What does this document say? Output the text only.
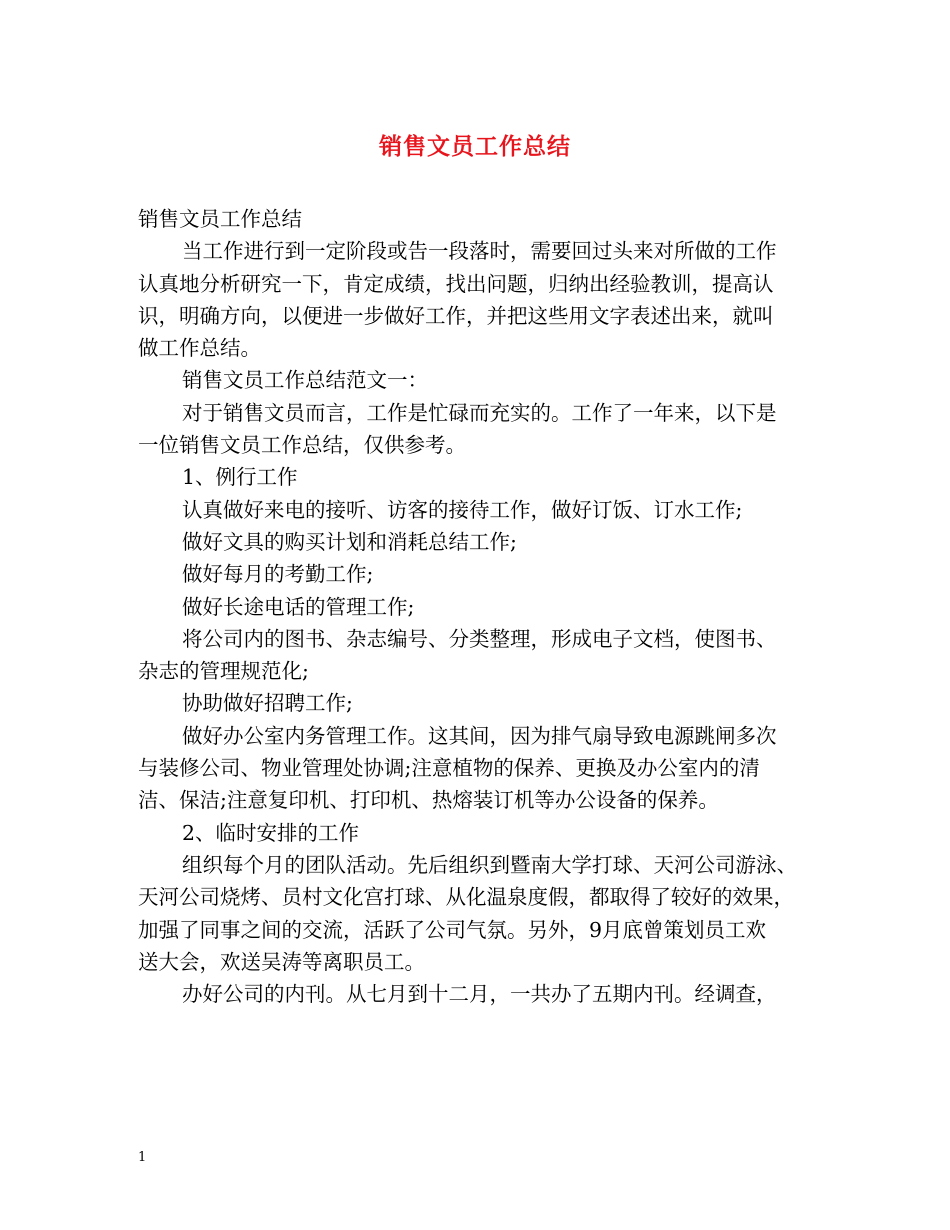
销售文员工作总结
销售文员工作总结
当工作进行到一定阶段或告一段落时，需要回过头来对所做的工作
认真地分析研究一下，肯定成绩，找出问题，归纳出经验教训，提高认
识，明确方向，以便进一步做好工作，并把这些用文字表述出来，就叫
做工作总结。
销售文员工作总结范文一：
对于销售文员而言，工作是忙碌而充实的。工作了一年来，以下是
一位销售文员工作总结，仅供参考。
1、例行工作
认真做好来电的接听、访客的接待工作，做好订饭、订水工作;
做好文具的购买计划和消耗总结工作;
做好每月的考勤工作;
做好长途电话的管理工作;
将公司内的图书、杂志编号、分类整理，形成电子文档，使图书、
杂志的管理规范化;
协助做好招聘工作;
做好办公室内务管理工作。这其间，因为排气扇导致电源跳闸多次
与装修公司、物业管理处协调;注意植物的保养、更换及办公室内的清
洁、保洁;注意复印机、打印机、热熔装订机等办公设备的保养。
2、临时安排的工作
组织每个月的团队活动。先后组织到暨南大学打球、天河公司游泳、
天河公司烧烤、员村文化宫打球、从化温泉度假，都取得了较好的效果，
加强了同事之间的交流，活跃了公司气氛。另外，9月底曾策划员工欢
送大会，欢送吴涛等离职员工。
办好公司的内刊。从七月到十二月，一共办了五期内刊。经调查，
1
